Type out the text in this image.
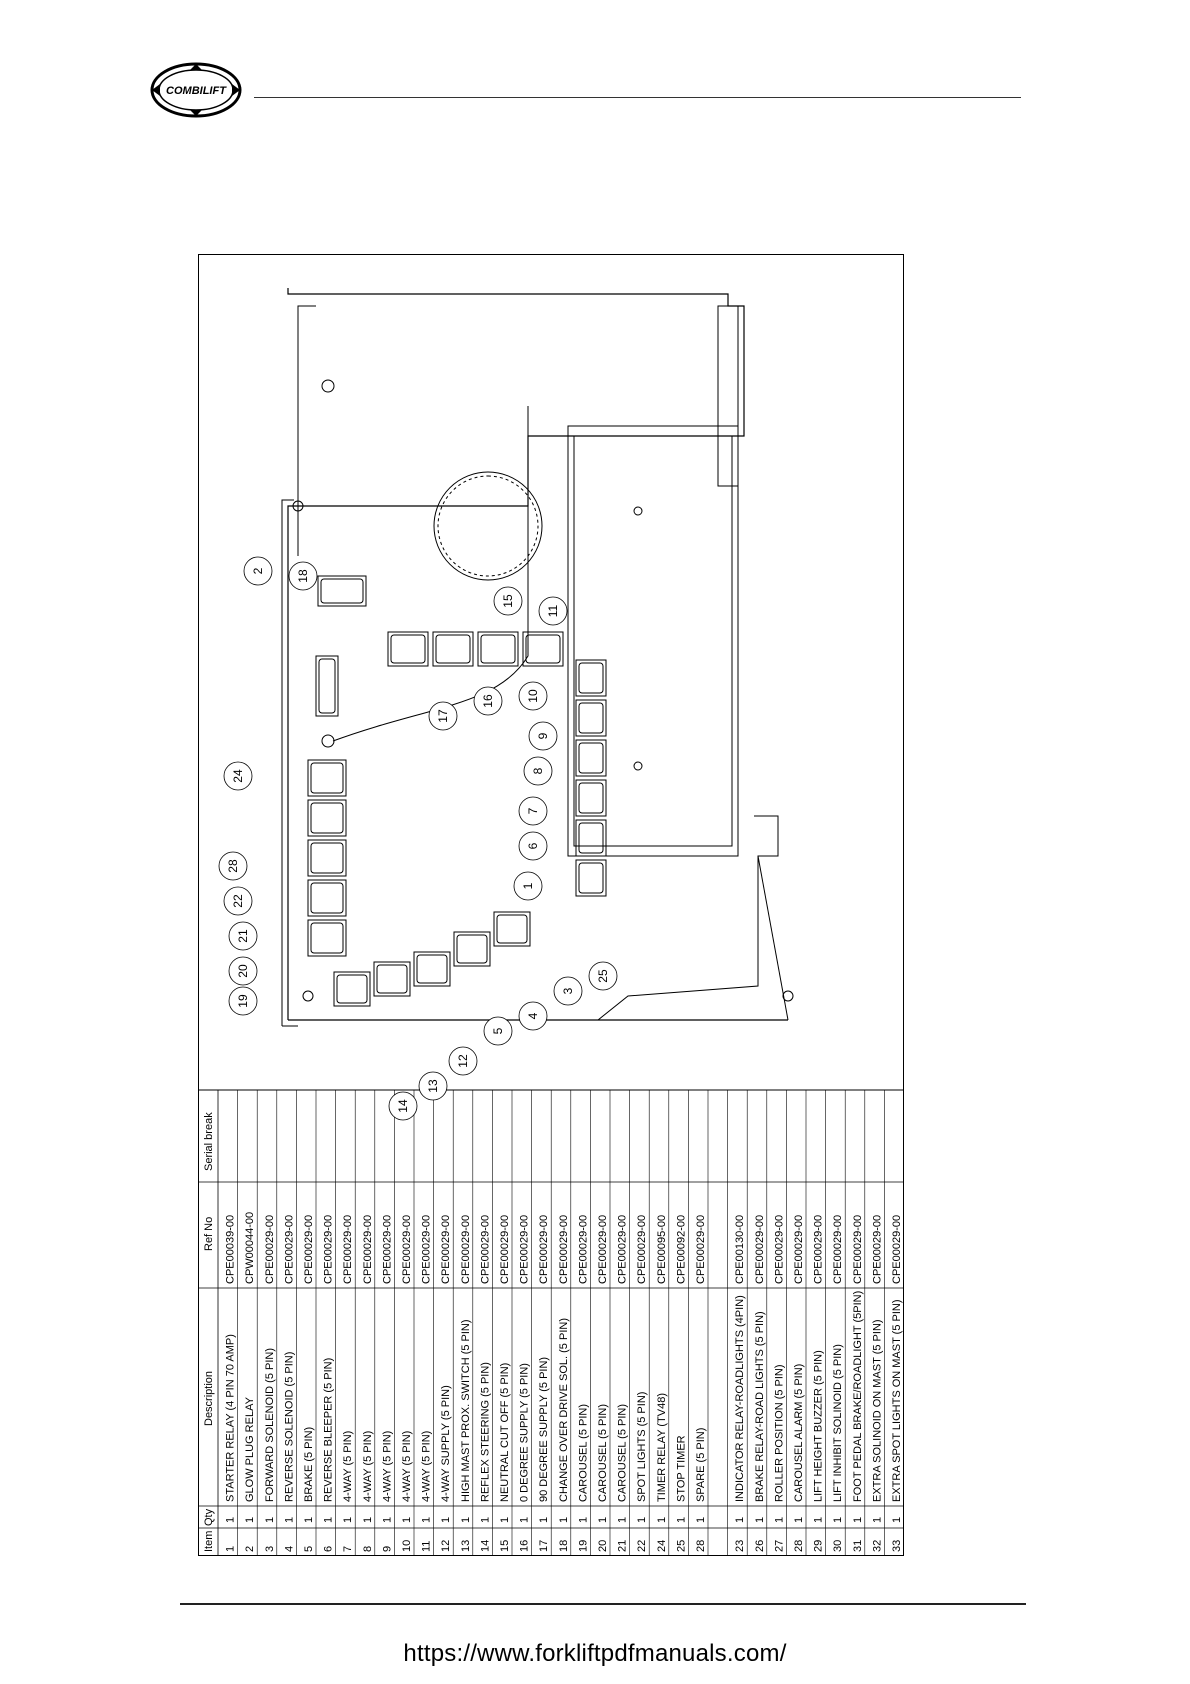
COMBILIFT
Item
Qty
Description
Ref No
Serial break
1
1
STARTER RELAY (4 PIN 70 AMP)
CPE00039-00
2
1
GLOW PLUG RELAY
CPW00044-00
3
1
FORWARD SOLENOID (5 PIN)
CPE00029-00
4
1
REVERSE SOLENOID (5 PIN)
CPE00029-00
5
1
BRAKE (5 PIN)
CPE00029-00
6
1
REVERSE BLEEPER (5 PIN)
CPE00029-00
7
1
4-WAY (5 PIN)
CPE00029-00
8
1
4-WAY (5 PIN)
CPE00029-00
9
1
4-WAY (5 PIN)
CPE00029-00
10
1
4-WAY (5 PIN)
CPE00029-00
11
1
4-WAY (5 PIN)
CPE00029-00
12
1
4-WAY SUPPLY (5 PIN)
CPE00029-00
13
1
HIGH MAST PROX. SWITCH (5 PIN)
CPE00029-00
14
1
REFLEX STEERING (5 PIN)
CPE00029-00
15
1
NEUTRAL CUT OFF (5 PIN)
CPE00029-00
16
1
0 DEGREE SUPPLY (5 PIN)
CPE00029-00
17
1
90 DEGREE SUPPLY (5 PIN)
CPE00029-00
18
1
CHANGE OVER DRIVE SOL. (5 PIN)
CPE00029-00
19
1
CAROUSEL (5 PIN)
CPE00029-00
20
1
CAROUSEL (5 PIN)
CPE00029-00
21
1
CAROUSEL (5 PIN)
CPE00029-00
22
1
SPOT LIGHTS (5 PIN)
CPE00029-00
24
1
TIMER RELAY (TV48)
CPE00095-00
25
1
STOP TIMER
CPE00092-00
28
1
SPARE (5 PIN)
CPE00029-00
23
1
INDICATOR RELAY-ROADLIGHTS (4PIN)
CPE00130-00
26
1
BRAKE RELAY-ROAD LIGHTS (5 PIN)
CPE00029-00
27
1
ROLLER POSITION (5 PIN)
CPE00029-00
28
1
CAROUSEL ALARM (5 PIN)
CPE00029-00
29
1
LIFT HEIGHT BUZZER (5 PIN)
CPE00029-00
30
1
LIFT INHIBIT SOLINOID (5 PIN)
CPE00029-00
31
1
FOOT PEDAL BRAKE/ROADLIGHT (5PIN)
CPE00029-00
32
1
EXTRA SOLINOID ON MAST (5 PIN)
CPE00029-00
33
1
EXTRA SPOT LIGHTS ON MAST (5 PIN)
CPE00029-00
1
2
3
4
5
6
7
8
9
10
11
12
13
14
15
16
17
18
19
20
21
22
24
25
28
https://www.forkliftpdfmanuals.com/
